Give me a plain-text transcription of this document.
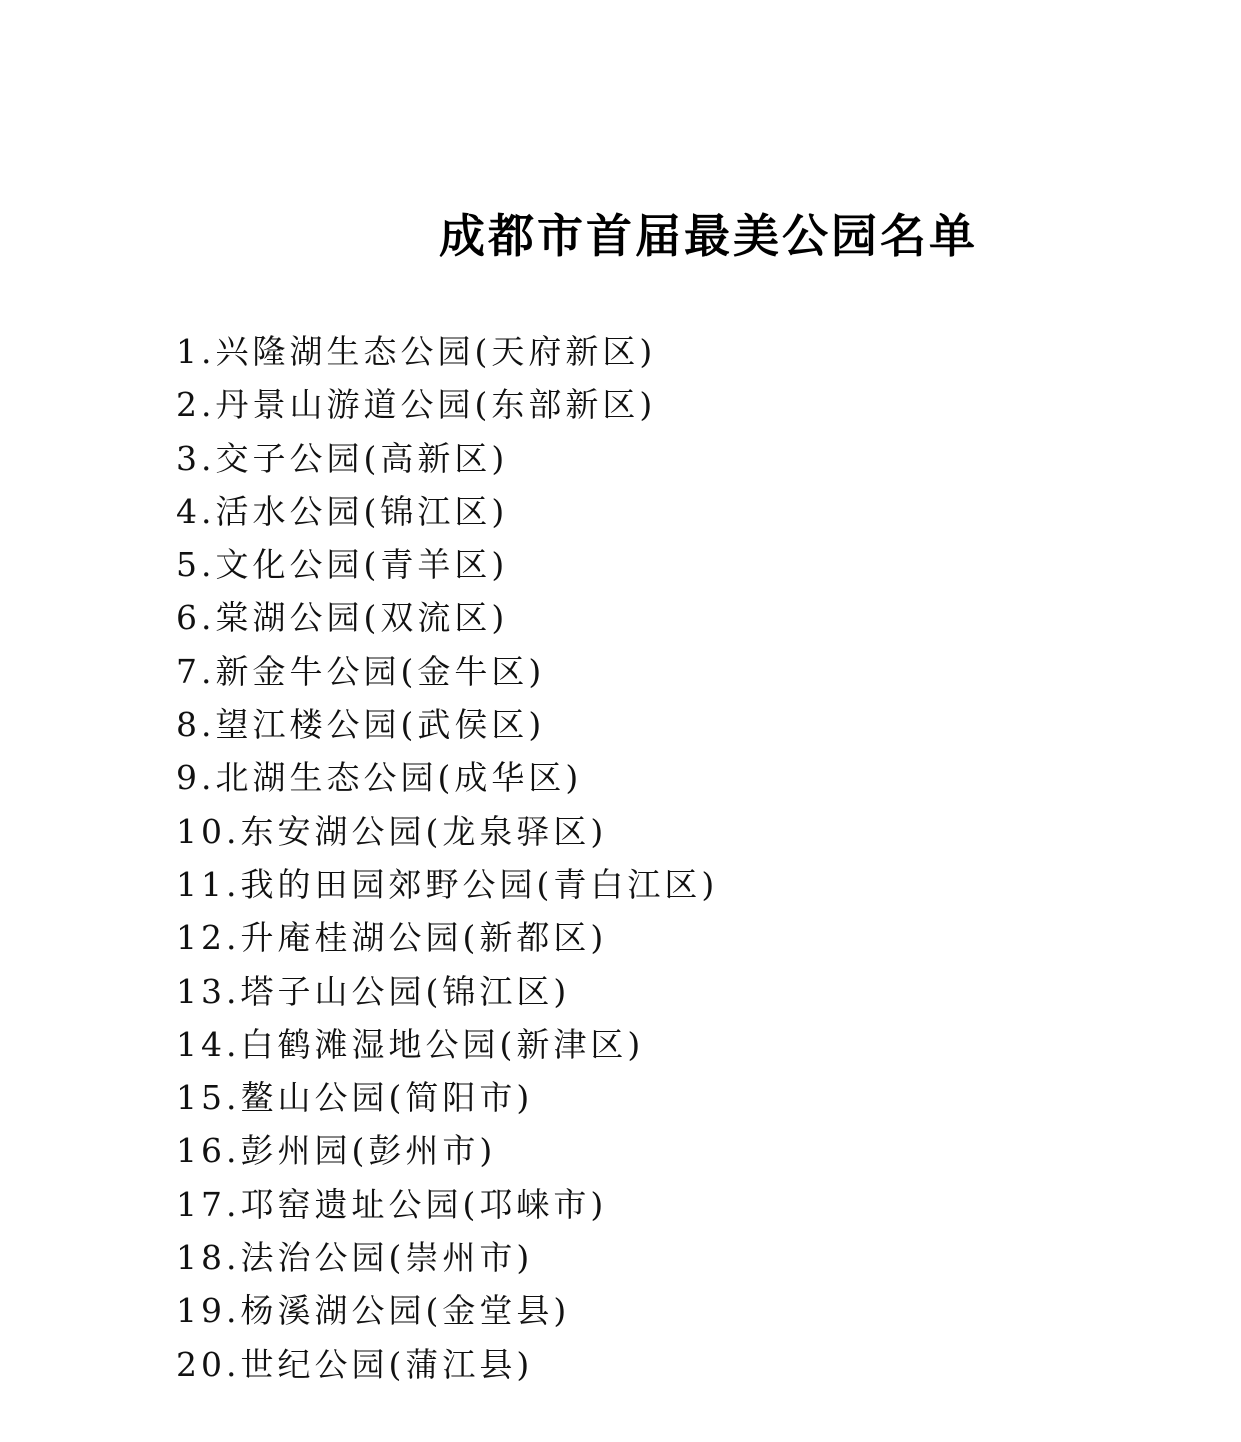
成都市首届最美公园名单
1.兴隆湖生态公园(天府新区)
2.丹景山游道公园(东部新区)
3.交子公园(高新区)
4.活水公园(锦江区)
5.文化公园(青羊区)
6.棠湖公园(双流区)
7.新金牛公园(金牛区)
8.望江楼公园(武侯区)
9.北湖生态公园(成华区)
10.东安湖公园(龙泉驿区)
11.我的田园郊野公园(青白江区)
12.升庵桂湖公园(新都区)
13.塔子山公园(锦江区)
14.白鹤滩湿地公园(新津区)
15.鳌山公园(简阳市)
16.彭州园(彭州市)
17.邛窑遗址公园(邛崃市)
18.法治公园(崇州市)
19.杨溪湖公园(金堂县)
20.世纪公园(蒲江县)
